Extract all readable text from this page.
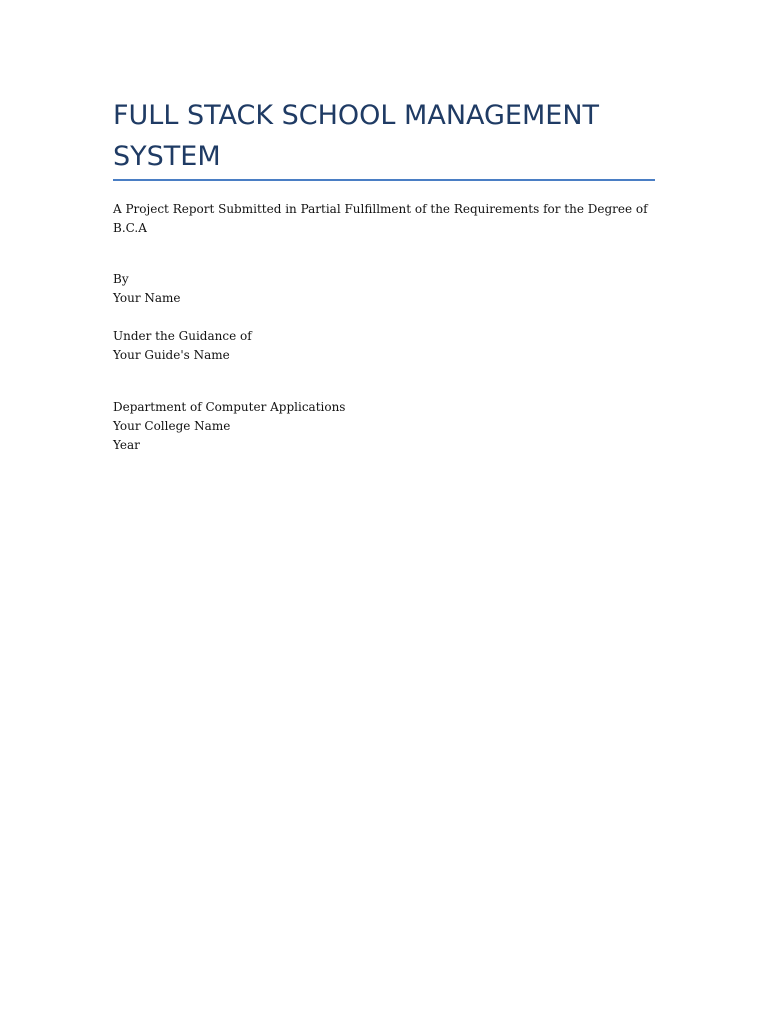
FULL STACK SCHOOL MANAGEMENT
SYSTEM

A Project Report Submitted in Partial Fulfillment of the Requirements for the Degree of
B.C.A

By
Your Name

Under the Guidance of
Your Guide's Name

Department of Computer Applications
Your College Name
Year
